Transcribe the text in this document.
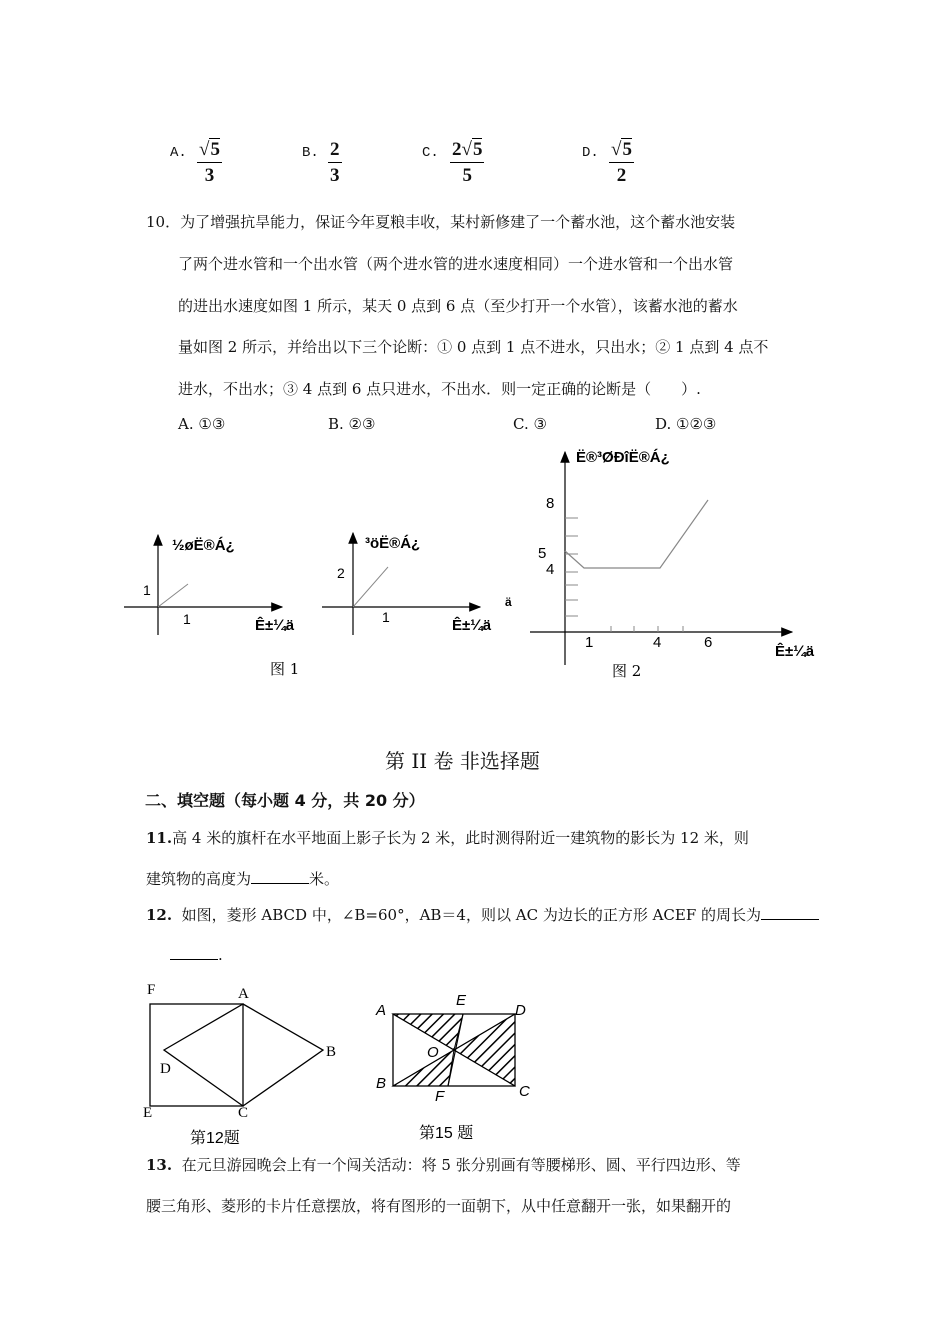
A. $\frac{√5}{3}$	B. $\frac{2}{3}$	C. $\frac{2√5}{5}$	D. $\frac{√5}{2}$
10．为了增强抗旱能力，保证今年夏粮丰收，某村新修建了一个蓄水池，这个蓄水池安装
了两个进水管和一个出水管（两个进水管的进水速度相同）一个进水管和一个出水管
的进出水速度如图 1 所示，某天 0 点到 6 点（至少打开一个水管），该蓄水池的蓄水
量如图 2 所示，并给出以下三个论断：① 0 点到 1 点不进水，只出水；② 1 点到 4 点不
进水，不出水；③ 4 点到 6 点只进水，不出水．则一定正确的论断是（　　）.
A. ①③	B. ②③	C. ③	D. ①②③
½øË®Á¿
1
1	Ê±¼ä
³öË®Á¿
2
1	Ê±¼ä
ä
图 1
Ë®³ØÐîË®Á¿
8
5
4
1	4	6
Ê±¼ä
图 2
第 II 卷 非选择题
二、填空题（每小题 4 分，共 20 分）
11.高 4 米的旗杆在水平地面上影子长为 2 米，此时测得附近一建筑物的影长为 12 米，则
建筑物的高度为	米。
12. 如图，菱形 ABCD 中，∠B=60°，AB＝4，则以 AC 为边长的正方形 ACEF 的周长为
.
F	A
B
D
E	C
第12题
A
E
D
O
B
F	C
第15 题
13. 在元旦游园晚会上有一个闯关活动：将 5 张分别画有等腰梯形、圆、平行四边形、等
腰三角形、菱形的卡片任意摆放，将有图形的一面朝下，从中任意翻开一张，如果翻开的
